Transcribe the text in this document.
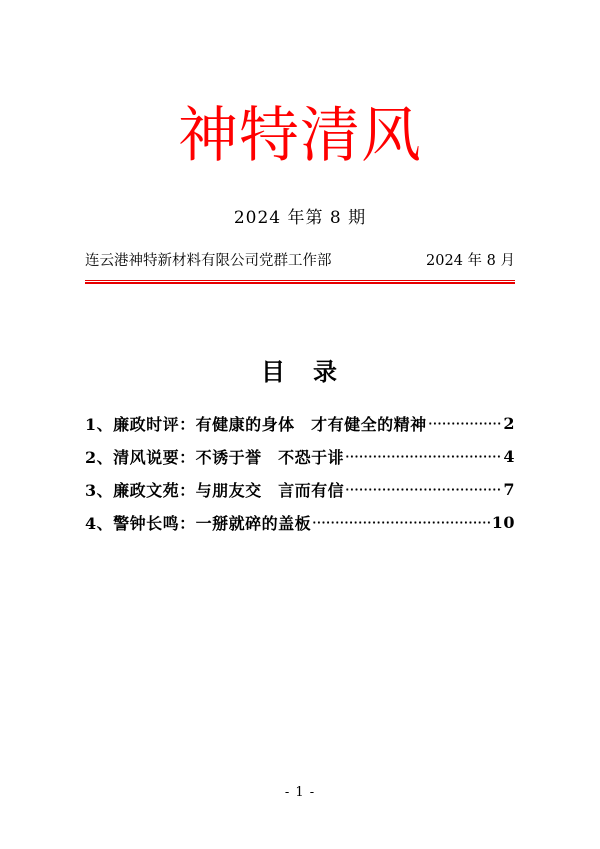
神特清风
2024 年第 8 期
连云港神特新材料有限公司党群工作部	2024 年 8 月
目　录
1、廉政时评：有健康的身体　才有健全的精神	2
2、清风说要：不诱于誉　不恐于诽	4
3、廉政文苑：与朋友交　言而有信	7
4、警钟长鸣：一掰就碎的盖板	10
- 1 -
